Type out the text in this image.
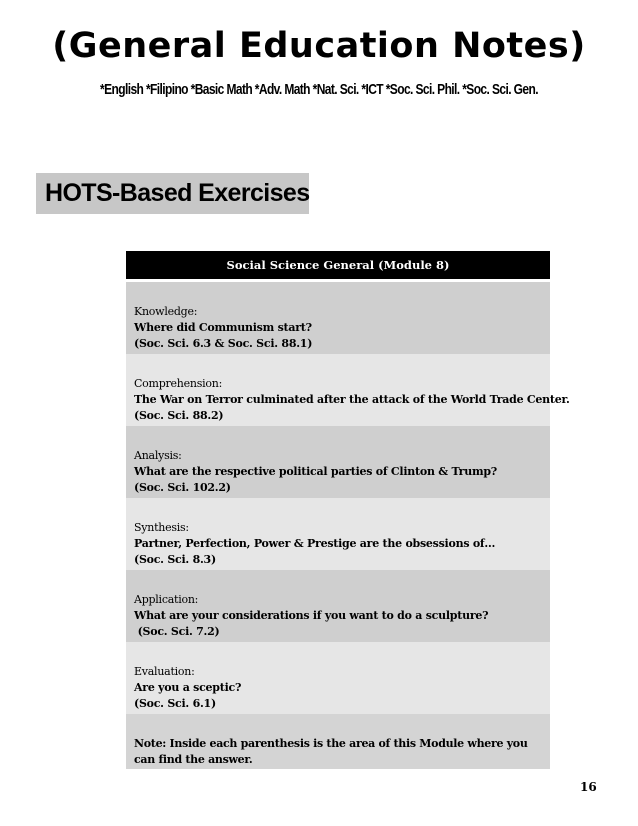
(General Education Notes)
*English *Filipino *Basic Math *Adv. Math *Nat. Sci. *ICT *Soc. Sci. Phil. *Soc. Sci. Gen.
HOTS-Based Exercises
Social Science General (Module 8)
Knowledge:
Where did Communism start?
(Soc. Sci. 6.3 & Soc. Sci. 88.1)
Comprehension:
The War on Terror culminated after the attack of the World Trade Center.
(Soc. Sci. 88.2)
Analysis:
What are the respective political parties of Clinton & Trump?
(Soc. Sci. 102.2)
Synthesis:
Partner, Perfection, Power & Prestige are the obsessions of…
(Soc. Sci. 8.3)
Application:
What are your considerations if you want to do a sculpture?
(Soc. Sci. 7.2)
Evaluation:
Are you a sceptic?
(Soc. Sci. 6.1)
Note: Inside each parenthesis is the area of this Module where you can find the answer.
16
